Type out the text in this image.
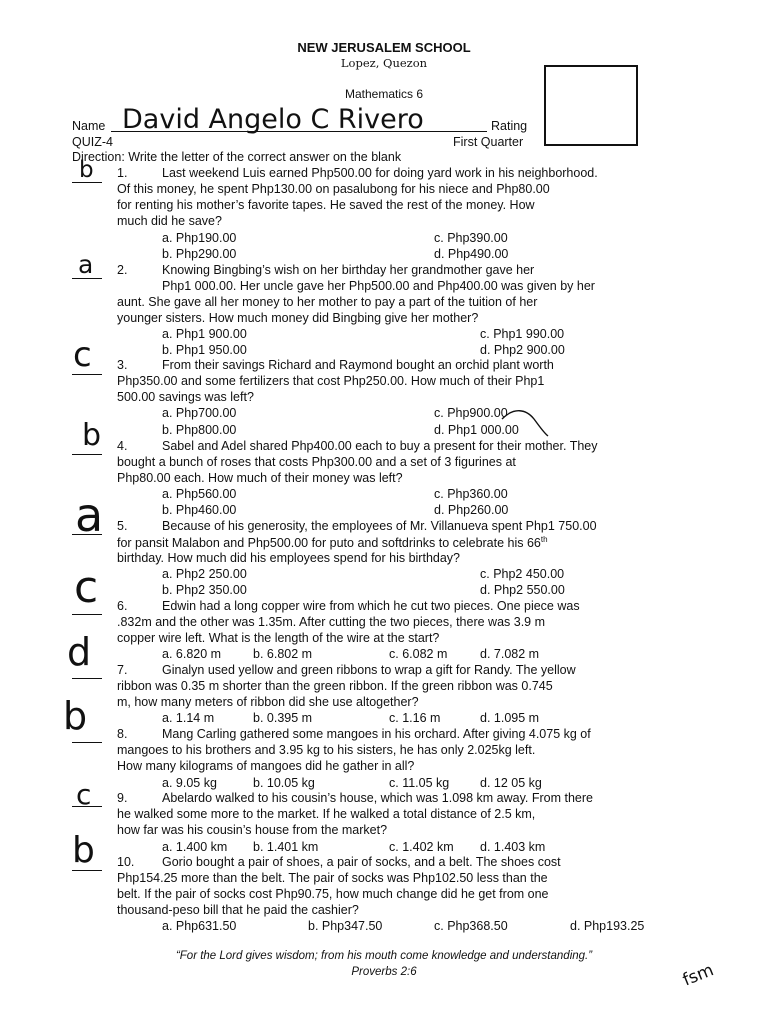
NEW JERUSALEM SCHOOL
Lopez, Quezon
Mathematics 6
Name David Angelo C Rivero	Rating
QUIZ-4	First Quarter
Direction: Write the letter of the correct answer on the blank
b 1.	Last weekend Luis earned Php500.00 for doing yard work in his neighborhood.
Of this money, he spent Php130.00 on pasalubong for his niece and Php80.00
for renting his mother’s favorite tapes. He saved the rest of the money. How
much did he save?
a. Php190.00
b. Php290.00
c. Php390.00
d. Php490.00
a 2.	Knowing Bingbing’s wish on her birthday her grandmother gave her
Php1 000.00. Her uncle gave her Php500.00 and Php400.00 was given by her
aunt. She gave all her money to her mother to pay a part of the tuition of her
younger sisters. How much money did Bingbing give her mother?
a. Php1 900.00
b. Php1 950.00
c. Php1 990.00
d. Php2 900.00
c 3.	From their savings Richard and Raymond bought an orchid plant worth
Php350.00 and some fertilizers that cost Php250.00. How much of their Php1
500.00 savings was left?
a. Php700.00
b. Php800.00
c. Php900.00
d. Php1 000.00
b 4.	Sabel and Adel shared Php400.00 each to buy a present for their mother. They
bought a bunch of roses that costs Php300.00 and a set of 3 figurines at
Php80.00 each. How much of their money was left?
a. Php560.00
b. Php460.00
c. Php360.00
d. Php260.00
a 5.	Because of his generosity, the employees of Mr. Villanueva spent Php1 750.00
for pansit Malabon and Php500.00 for puto and softdrinks to celebrate his 66th
birthday. How much did his employees spend for his birthday?
a. Php2 250.00
b. Php2 350.00
c. Php2 450.00
d. Php2 550.00
c 6.	Edwin had a long copper wire from which he cut two pieces. One piece was
.832m and the other was 1.35m. After cutting the two pieces, there was 3.9 m
copper wire left. What is the length of the wire at the start?
a. 6.820 m	b. 6.802 m	c. 6.082 m	d. 7.082 m
d 7.	Ginalyn used yellow and green ribbons to wrap a gift for Randy. The yellow
ribbon was 0.35 m shorter than the green ribbon. If the green ribbon was 0.745
m, how many meters of ribbon did she use altogether?
a. 1.14 m	b. 0.395 m	c. 1.16 m	d. 1.095 m
b 8.	Mang Carling gathered some mangoes in his orchard. After giving 4.075 kg of
mangoes to his brothers and 3.95 kg to his sisters, he has only 2.025kg left.
How many kilograms of mangoes did he gather in all?
a. 9.05 kg	b. 10.05 kg	c. 11.05 kg d. 12 05 kg
c 9.	Abelardo walked to his cousin’s house, which was 1.098 km away. From there
he walked some more to the market. If he walked a total distance of 2.5 km,
how far was his cousin’s house from the market?
a. 1.400 km b. 1.401 km	c. 1.402 km d. 1.403 km
b 10. Gorio bought a pair of shoes, a pair of socks, and a belt. The shoes cost
Php154.25 more than the belt. The pair of socks was Php102.50 less than the
belt. If the pair of socks cost Php90.75, how much change did he get from one
thousand-peso bill that he paid the cashier?
a. Php631.50	b. Php347.50	c. Php368.50	d. Php193.25
“For the Lord gives wisdom; from his mouth come knowledge and understanding.”
Proverbs 2:6	fsm
